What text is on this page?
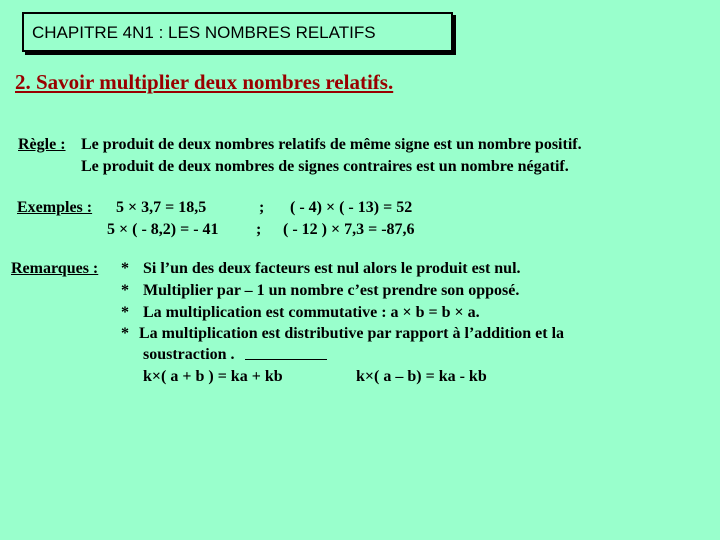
CHAPITRE 4N1 : LES NOMBRES RELATIFS
2. Savoir multiplier deux nombres relatifs.
Règle : Le produit de deux nombres relatifs de même signe est un nombre positif.
Le produit de deux nombres de signes contraires est un nombre négatif.
Exemples : 5 × 3,7 = 18,5	; ( - 4) × ( - 13) = 52
5 × ( - 8,2) = - 41 ; ( - 12 ) × 7,3 = -87,6
Remarques : * Si l’un des deux facteurs est nul alors le produit est nul.
* Multiplier par – 1 un nombre c’est prendre son opposé.
* La multiplication est commutative : a × b = b × a.
* La multiplication est distributive par rapport à l’addition et la
soustraction .
k×( a + b ) = ka + kb	k×( a – b) = ka - kb
